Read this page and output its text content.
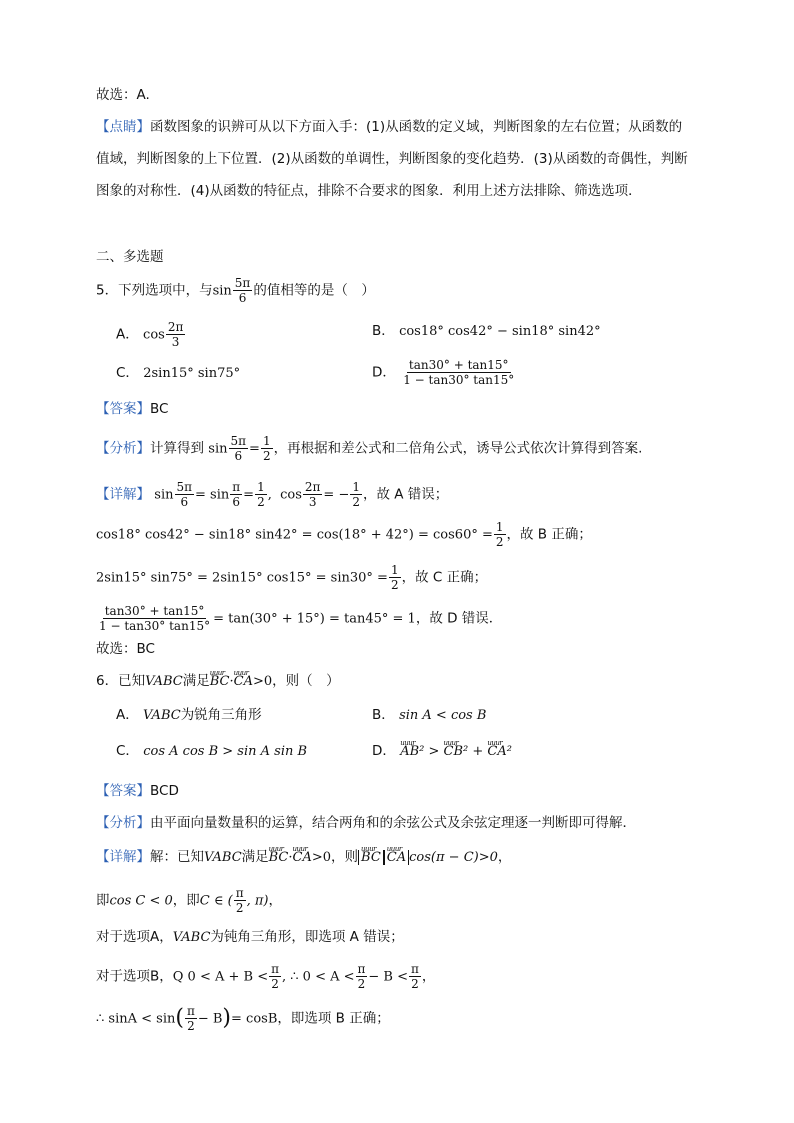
故选：A.
【点睛】函数图象的识辨可从以下方面入手：(1)从函数的定义域，判断图象的左右位置；从函数的
值域，判断图象的上下位置．(2)从函数的单调性，判断图象的变化趋势．(3)从函数的奇偶性，判断
图象的对称性．(4)从函数的特征点，排除不合要求的图象．利用上述方法排除、筛选选项．
二、多选题
5．下列选项中，与$\sin \frac{5\pi}{6}$ 的值相等的是（　）
A． $\cos \frac{2\pi}{3}$	B． cos18° cos42° − sin18° sin42°
C． 2sin15° sin75°	D． $\frac{\tan 30^\circ + \tan 15^\circ}{1 - \tan 30^\circ \tan 15^\circ}$
【答案】BC
【分析】计算得到 $\sin \frac{5\pi}{6} = \frac{1}{2}$ ，再根据和差公式和二倍角公式，诱导公式依次计算得到答案.
【详解】 $\sin \frac{5\pi}{6} = \sin \frac{\pi}{6} = \frac{1}{2}$ ,  $\cos \frac{2\pi}{3}$ = − $\frac{1}{2}$ ，故 A 错误；
cos18° cos42° − sin18° $\sin 42^\circ = \cos(18^\circ + 42^\circ) = \cos 60^\circ = \frac{1}{2}$ ，故 B 正确；
2sin15° sin75° = 2sin15° $\cos 15^\circ = \sin 30^\circ = \frac{1}{2}$ ，故 C 正确；
$\frac{\tan 30^\circ + \tan 15^\circ}{1 - \tan 30^\circ \tan 15^\circ} = \tan(30^\circ + 15^\circ) = \tan 45^\circ = 1$，故 D 错误．
故选：BC
6．已知VABC满足uuur BC·uuur CA>0，则（　）
A． VABC为锐角三角形	B． sin A < cos B
C． cos A cos B > sin A sin B	D． uuur AB² > uuur CB² + uuur CA²
【答案】BCD
【分析】由平面向量数量积的运算，结合两角和的余弦公式及余弦定理逐一判断即可得解．
【详解】解：已知VABC满足uuur BC·uuur CA>0，则 uuur BC uuur CA cos(π − C)>0，
即cos C < 0，即C ∈ ( $\frac{\pi}{2}$ , π)，
对于选项A，VABC为钝角三角形，即选项 A 错误；
对于选项B，Q $0 < A + B < \frac{\pi}{2}$ , ∴ $0 < A < \frac{\pi}{2} - B < \frac{\pi}{2}$ ，
∴ $\sin A < \sin( \frac{\pi}{2} - B)= \cos B$，即选项 B 正确；
